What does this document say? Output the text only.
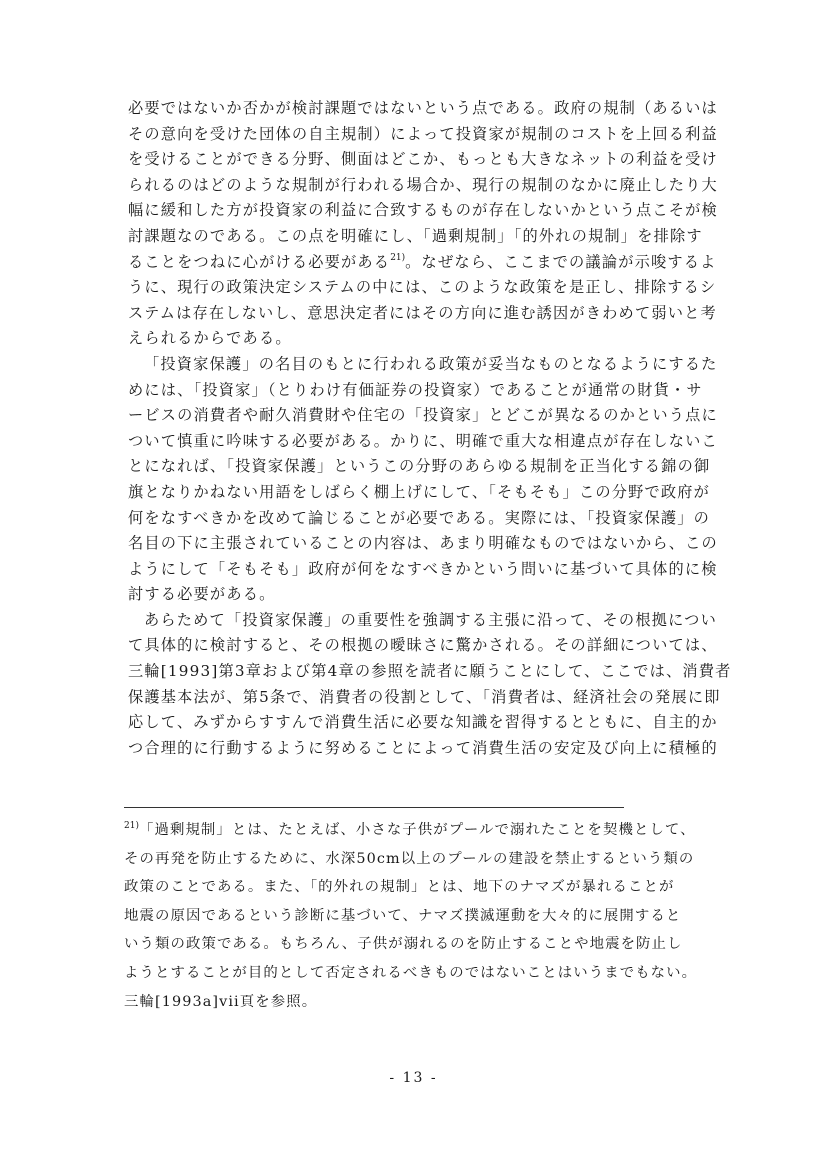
必要ではないか否かが検討課題ではないという点である。政府の規制（あるいは
その意向を受けた団体の自主規制）によって投資家が規制のコストを上回る利益
を受けることができる分野、側面はどこか、もっとも大きなネットの利益を受け
られるのはどのような規制が行われる場合か、現行の規制のなかに廃止したり大
幅に緩和した方が投資家の利益に合致するものが存在しないかという点こそが検
討課題なのである。この点を明確にし、「過剰規制」「的外れの規制」を排除す
ることをつねに心がける必要がある$^{21)}$。なぜなら、ここまでの議論が示唆するよ
うに、現行の政策決定システムの中には、このような政策を是正し、排除するシ
ステムは存在しないし、意思決定者にはその方向に進む誘因がきわめて弱いと考
えられるからである。
「投資家保護」の名目のもとに行われる政策が妥当なものとなるようにするた
めには、「投資家」（とりわけ有価証券の投資家）であることが通常の財貨・サ
ービスの消費者や耐久消費財や住宅の「投資家」とどこが異なるのかという点に
ついて慎重に吟味する必要がある。かりに、明確で重大な相違点が存在しないこ
とになれば、「投資家保護」というこの分野のあらゆる規制を正当化する錦の御
旗となりかねない用語をしばらく棚上げにして、「そもそも」この分野で政府が
何をなすべきかを改めて論じることが必要である。実際には、「投資家保護」の
名目の下に主張されていることの内容は、あまり明確なものではないから、この
ようにして「そもそも」政府が何をなすべきかという問いに基づいて具体的に検
討する必要がある。
あらためて「投資家保護」の重要性を強調する主張に沿って、その根拠につい
て具体的に検討すると、その根拠の曖昧さに驚かされる。その詳細については、
三輪[1993]第3章および第4章の参照を読者に願うことにして、ここでは、消費者
保護基本法が、第5条で、消費者の役割として、「消費者は、経済社会の発展に即
応して、みずからすすんで消費生活に必要な知識を習得するとともに、自主的か
つ合理的に行動するように努めることによって消費生活の安定及び向上に積極的
$^{21)}$「過剰規制」とは、たとえば、小さな子供がプールで溺れたことを契機として、
その再発を防止するために、水深50cm以上のプールの建設を禁止するという類の
政策のことである。また、「的外れの規制」とは、地下のナマズが暴れることが
地震の原因であるという診断に基づいて、ナマズ撲滅運動を大々的に展開すると
いう類の政策である。もちろん、子供が溺れるのを防止することや地震を防止し
ようとすることが目的として否定されるべきものではないことはいうまでもない。
三輪[1993a]vii頁を参照。
- 13 -
